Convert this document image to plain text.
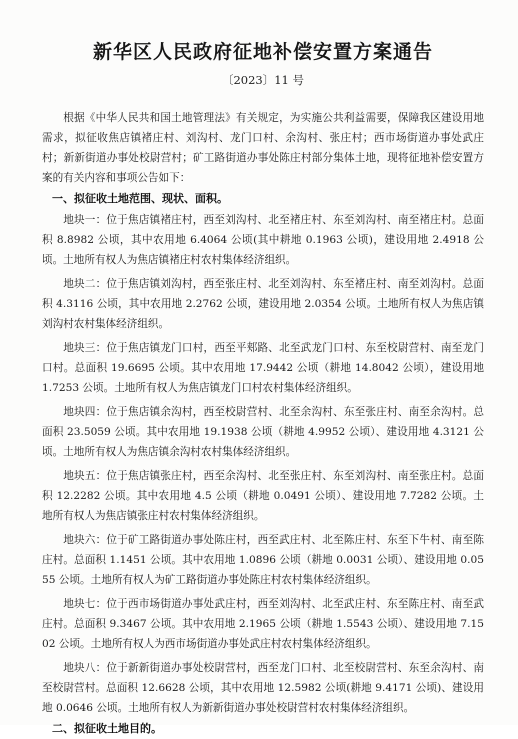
新华区人民政府征地补偿安置方案通告
〔2023〕11 号

根据《中华人民共和国土地管理法》有关规定，为实施公共利益需要，保障我区建设用地需求，拟征收焦店镇褚庄村、刘沟村、龙门口村、余沟村、张庄村；西市场街道办事处武庄村；新新街道办事处校尉营村；矿工路街道办事处陈庄村部分集体土地，现将征地补偿安置方案的有关内容和事项公告如下：

一、拟征收土地范围、现状、面积。

地块一：位于焦店镇褚庄村，西至刘沟村、北至褚庄村、东至刘沟村、南至褚庄村。总面积 8.8982 公顷，其中农用地 6.4064 公顷(其中耕地 0.1963 公顷)，建设用地 2.4918 公顷。土地所有权人为焦店镇褚庄村农村集体经济组织。

地块二：位于焦店镇刘沟村，西至张庄村、北至刘沟村、东至褚庄村、南至刘沟村。总面积 4.3116 公顷，其中农用地 2.2762 公顷，建设用地 2.0354 公顷。土地所有权人为焦店镇刘沟村农村集体经济组织。

地块三：位于焦店镇龙门口村，西至平郏路、北至武龙门口村、东至校尉营村、南至龙门口村。总面积 19.6695 公顷。其中农用地 17.9442 公顷（耕地 14.8042 公顷），建设用地 1.7253 公顷。土地所有权人为焦店镇龙门口村农村集体经济组织。

地块四：位于焦店镇余沟村，西至校尉营村、北至余沟村、东至张庄村、南至余沟村。总面积 23.5059 公顷。其中农用地 19.1938 公顷（耕地 4.9952 公顷）、建设用地 4.3121 公顷。土地所有权人为焦店镇余沟村农村集体经济组织。

地块五：位于焦店镇张庄村，西至余沟村、北至张庄村、东至刘沟村、南至张庄村。总面积 12.2282 公顷。其中农用地 4.5 公顷（耕地 0.0491 公顷）、建设用地 7.7282 公顷。土地所有权人为焦店镇张庄村农村集体经济组织。

地块六：位于矿工路街道办事处陈庄村，西至武庄村、北至陈庄村、东至下牛村、南至陈庄村。总面积 1.1451 公顷。其中农用地 1.0896 公顷（耕地 0.0031 公顷）、建设用地 0.0555 公顷。土地所有权人为矿工路街道办事处陈庄村农村集体经济组织。

地块七：位于西市场街道办事处武庄村，西至刘沟村、北至武庄村、东至陈庄村、南至武庄村。总面积 9.3467 公顷。其中农用地 2.1965 公顷（耕地 1.5543 公顷）、建设用地 7.1502 公顷。土地所有权人为西市场街道办事处武庄村农村集体经济组织。

地块八：位于新新街道办事处校尉营村，西至龙门口村、北至校尉营村、东至余沟村、南至校尉营村。总面积 12.6628 公顷，其中农用地 12.5982 公顷(耕地 9.4171 公顷)、建设用地 0.0646 公顷。土地所有权人为新新街道办事处校尉营村农村集体经济组织。

二、拟征收土地目的。
